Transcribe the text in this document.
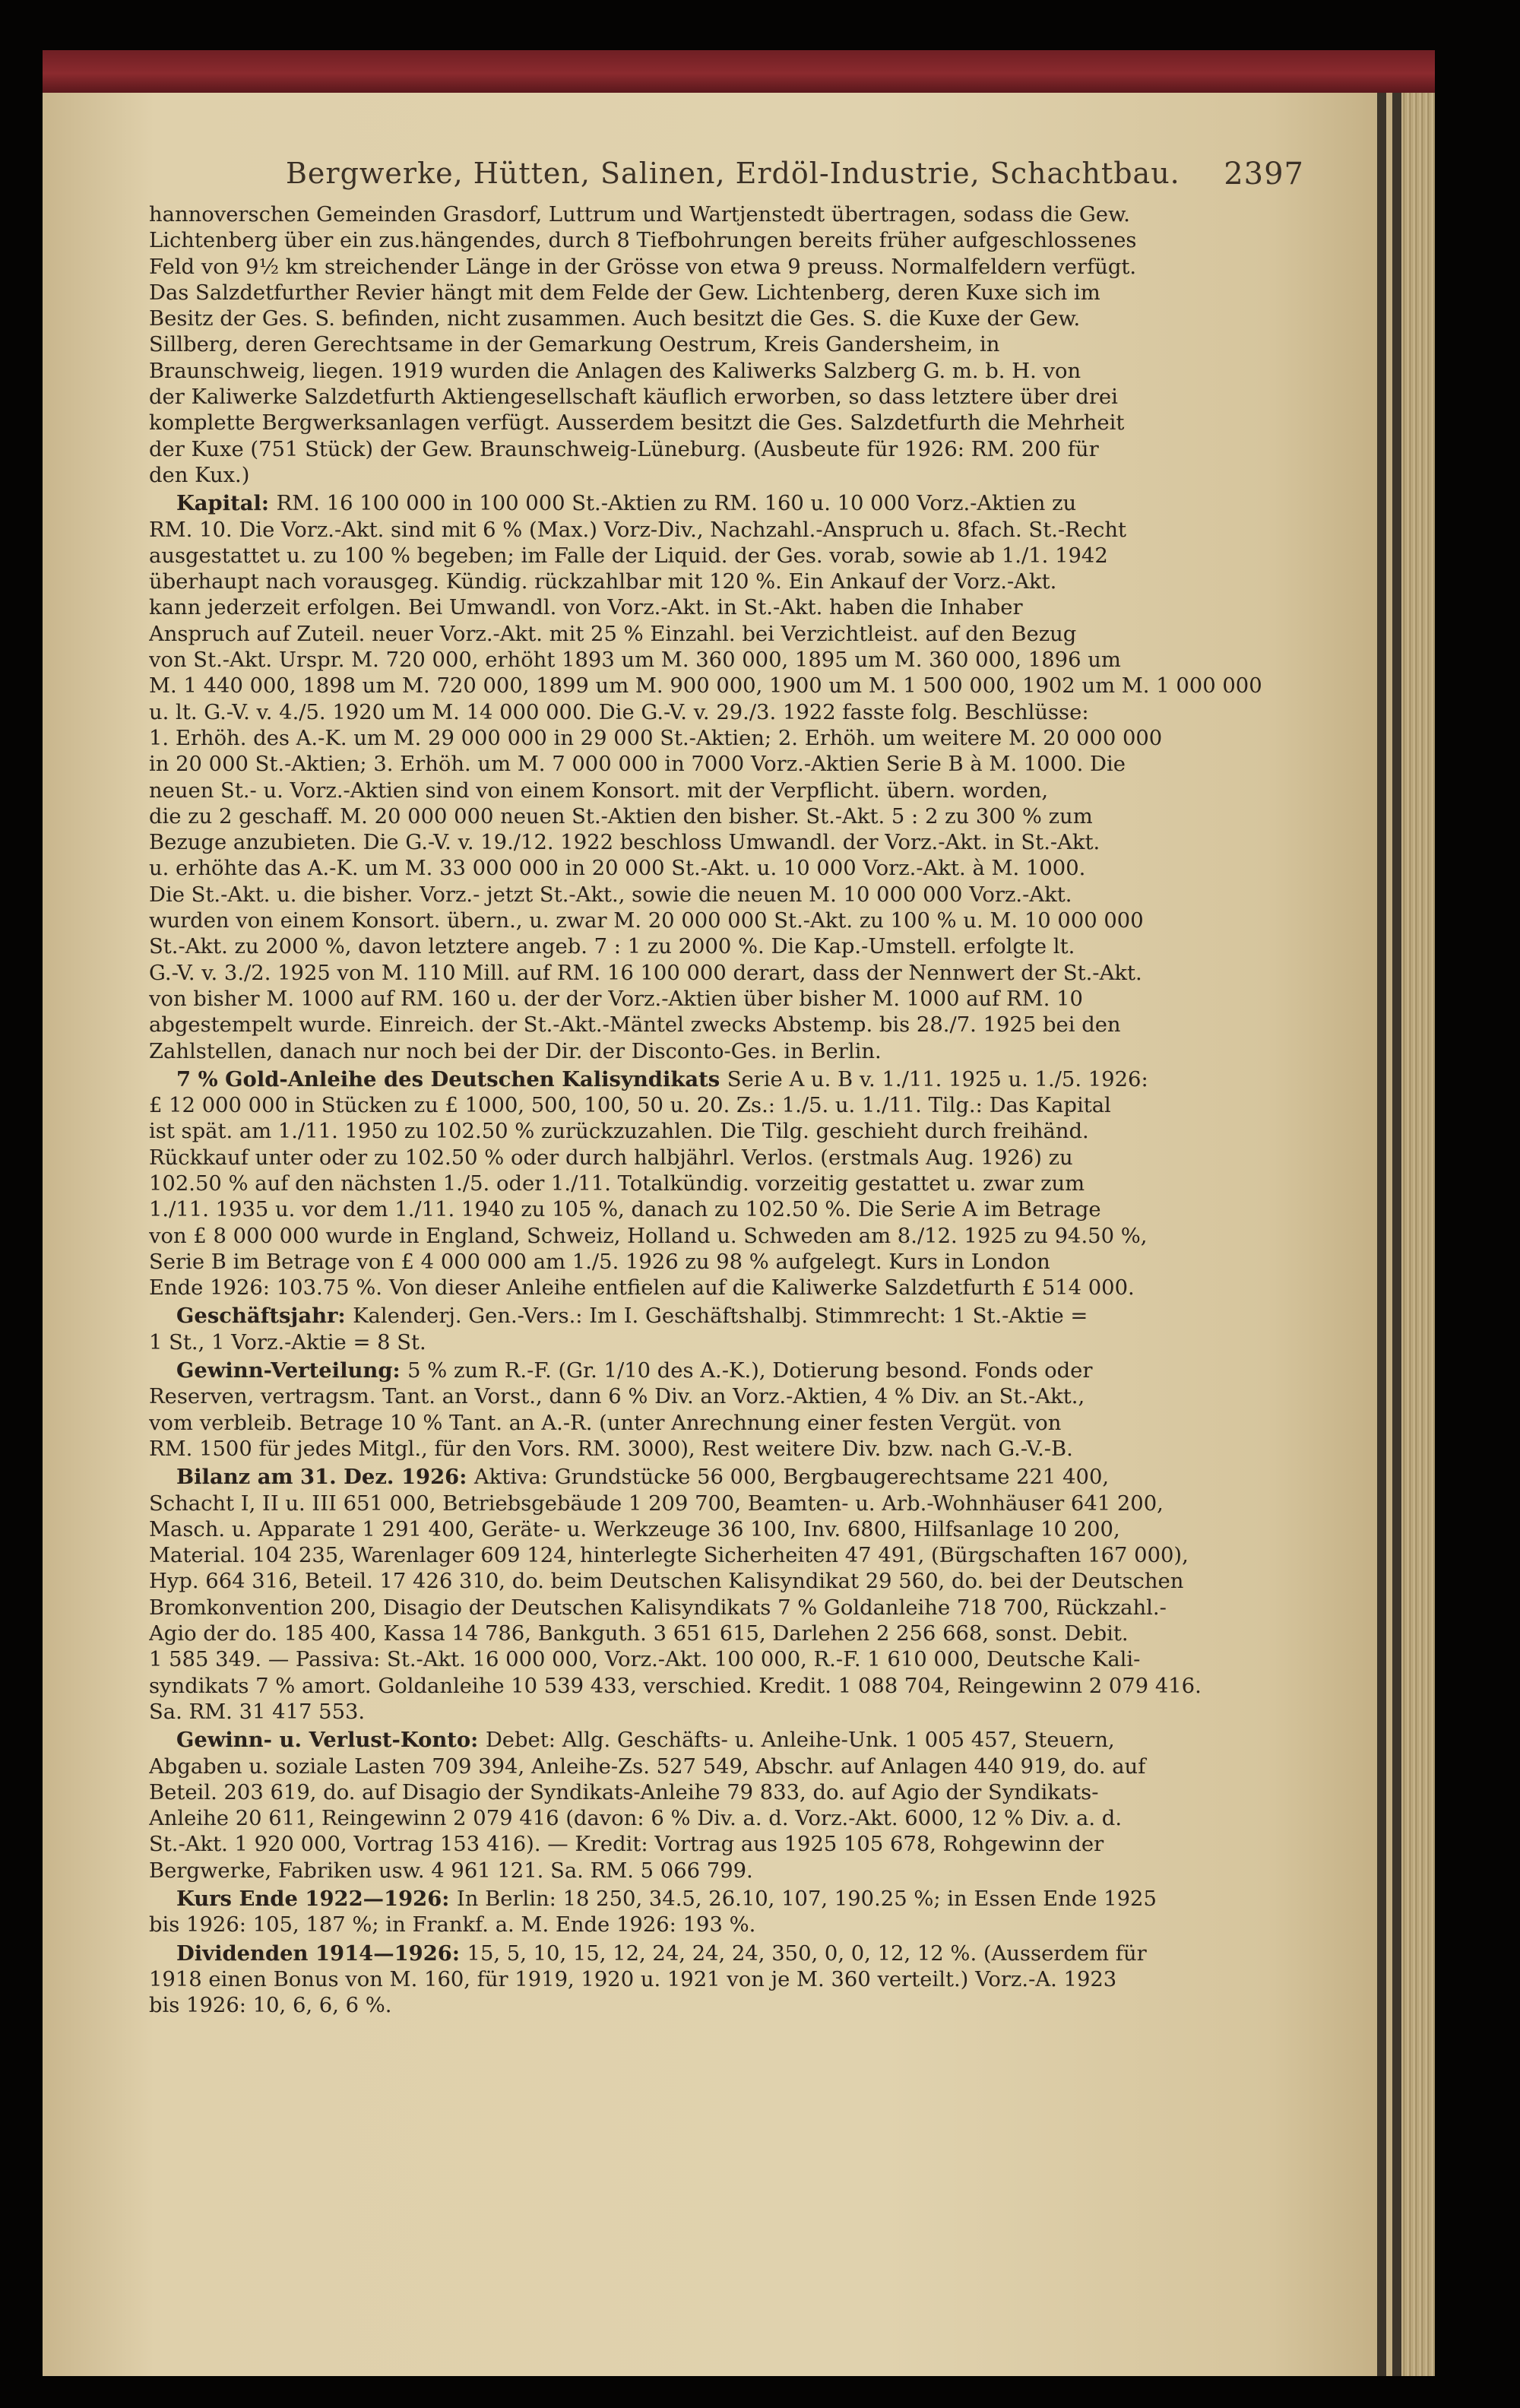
Bergwerke, Hütten, Salinen, Erdöl-Industrie, Schachtbau. 2397
hannoverschen Gemeinden Grasdorf, Luttrum und Wartjenstedt übertragen, sodass die Gew.
Lichtenberg über ein zus.hängendes, durch 8 Tiefbohrungen bereits früher aufgeschlossenes
Feld von 9½ km streichender Länge in der Grösse von etwa 9 preuss. Normalfeldern verfügt.
Das Salzdetfurther Revier hängt mit dem Felde der Gew. Lichtenberg, deren Kuxe sich im
Besitz der Ges. S. befinden, nicht zusammen. Auch besitzt die Ges. S. die Kuxe der Gew.
Sillberg, deren Gerechtsame in der Gemarkung Oestrum, Kreis Gandersheim, in
Braunschweig, liegen. 1919 wurden die Anlagen des Kaliwerks Salzberg G. m. b. H. von
der Kaliwerke Salzdetfurth Aktiengesellschaft käuflich erworben, so dass letztere über drei
komplette Bergwerksanlagen verfügt. Ausserdem besitzt die Ges. Salzdetfurth die Mehrheit
der Kuxe (751 Stück) der Gew. Braunschweig-Lüneburg. (Ausbeute für 1926: RM. 200 für
den Kux.)
Kapital: RM. 16 100 000 in 100 000 St.-Aktien zu RM. 160 u. 10 000 Vorz.-Aktien zu
RM. 10. Die Vorz.-Akt. sind mit 6 % (Max.) Vorz-Div., Nachzahl.-Anspruch u. 8fach. St.-Recht
ausgestattet u. zu 100 % begeben; im Falle der Liquid. der Ges. vorab, sowie ab 1./1. 1942
überhaupt nach vorausgeg. Kündig. rückzahlbar mit 120 %. Ein Ankauf der Vorz.-Akt.
kann jederzeit erfolgen. Bei Umwandl. von Vorz.-Akt. in St.-Akt. haben die Inhaber
Anspruch auf Zuteil. neuer Vorz.-Akt. mit 25 % Einzahl. bei Verzichtleist. auf den Bezug
von St.-Akt. Urspr. M. 720 000, erhöht 1893 um M. 360 000, 1895 um M. 360 000, 1896 um
M. 1 440 000, 1898 um M. 720 000, 1899 um M. 900 000, 1900 um M. 1 500 000, 1902 um M. 1 000 000
u. lt. G.-V. v. 4./5. 1920 um M. 14 000 000. Die G.-V. v. 29./3. 1922 fasste folg. Beschlüsse:
1. Erhöh. des A.-K. um M. 29 000 000 in 29 000 St.-Aktien; 2. Erhöh. um weitere M. 20 000 000
in 20 000 St.-Aktien; 3. Erhöh. um M. 7 000 000 in 7000 Vorz.-Aktien Serie B à M. 1000. Die
neuen St.- u. Vorz.-Aktien sind von einem Konsort. mit der Verpflicht. übern. worden,
die zu 2 geschaff. M. 20 000 000 neuen St.-Aktien den bisher. St.-Akt. 5 : 2 zu 300 % zum
Bezuge anzubieten. Die G.-V. v. 19./12. 1922 beschloss Umwandl. der Vorz.-Akt. in St.-Akt.
u. erhöhte das A.-K. um M. 33 000 000 in 20 000 St.-Akt. u. 10 000 Vorz.-Akt. à M. 1000.
Die St.-Akt. u. die bisher. Vorz.- jetzt St.-Akt., sowie die neuen M. 10 000 000 Vorz.-Akt.
wurden von einem Konsort. übern., u. zwar M. 20 000 000 St.-Akt. zu 100 % u. M. 10 000 000
St.-Akt. zu 2000 %, davon letztere angeb. 7 : 1 zu 2000 %. Die Kap.-Umstell. erfolgte lt.
G.-V. v. 3./2. 1925 von M. 110 Mill. auf RM. 16 100 000 derart, dass der Nennwert der St.-Akt.
von bisher M. 1000 auf RM. 160 u. der der Vorz.-Aktien über bisher M. 1000 auf RM. 10
abgestempelt wurde. Einreich. der St.-Akt.-Mäntel zwecks Abstemp. bis 28./7. 1925 bei den
Zahlstellen, danach nur noch bei der Dir. der Disconto-Ges. in Berlin.
7 % Gold-Anleihe des Deutschen Kalisyndikats Serie A u. B v. 1./11. 1925 u. 1./5. 1926:
£ 12 000 000 in Stücken zu £ 1000, 500, 100, 50 u. 20. Zs.: 1./5. u. 1./11. Tilg.: Das Kapital
ist spät. am 1./11. 1950 zu 102.50 % zurückzuzahlen. Die Tilg. geschieht durch freihänd.
Rückkauf unter oder zu 102.50 % oder durch halbjährl. Verlos. (erstmals Aug. 1926) zu
102.50 % auf den nächsten 1./5. oder 1./11. Totalkündig. vorzeitig gestattet u. zwar zum
1./11. 1935 u. vor dem 1./11. 1940 zu 105 %, danach zu 102.50 %. Die Serie A im Betrage
von £ 8 000 000 wurde in England, Schweiz, Holland u. Schweden am 8./12. 1925 zu 94.50 %,
Serie B im Betrage von £ 4 000 000 am 1./5. 1926 zu 98 % aufgelegt. Kurs in London
Ende 1926: 103.75 %. Von dieser Anleihe entfielen auf die Kaliwerke Salzdetfurth £ 514 000.
Geschäftsjahr: Kalenderj. Gen.-Vers.: Im I. Geschäftshalbj. Stimmrecht: 1 St.-Aktie =
1 St., 1 Vorz.-Aktie = 8 St.
Gewinn-Verteilung: 5 % zum R.-F. (Gr. 1/10 des A.-K.), Dotierung besond. Fonds oder
Reserven, vertragsm. Tant. an Vorst., dann 6 % Div. an Vorz.-Aktien, 4 % Div. an St.-Akt.,
vom verbleib. Betrage 10 % Tant. an A.-R. (unter Anrechnung einer festen Vergüt. von
RM. 1500 für jedes Mitgl., für den Vors. RM. 3000), Rest weitere Div. bzw. nach G.-V.-B.
Bilanz am 31. Dez. 1926: Aktiva: Grundstücke 56 000, Bergbaugerechtsame 221 400,
Schacht I, II u. III 651 000, Betriebsgebäude 1 209 700, Beamten- u. Arb.-Wohnhäuser 641 200,
Masch. u. Apparate 1 291 400, Geräte- u. Werkzeuge 36 100, Inv. 6800, Hilfsanlage 10 200,
Material. 104 235, Warenlager 609 124, hinterlegte Sicherheiten 47 491, (Bürgschaften 167 000),
Hyp. 664 316, Beteil. 17 426 310, do. beim Deutschen Kalisyndikat 29 560, do. bei der Deutschen
Bromkonvention 200, Disagio der Deutschen Kalisyndikats 7 % Goldanleihe 718 700, Rückzahl.-
Agio der do. 185 400, Kassa 14 786, Bankguth. 3 651 615, Darlehen 2 256 668, sonst. Debit.
1 585 349. — Passiva: St.-Akt. 16 000 000, Vorz.-Akt. 100 000, R.-F. 1 610 000, Deutsche Kali-
syndikats 7 % amort. Goldanleihe 10 539 433, verschied. Kredit. 1 088 704, Reingewinn 2 079 416.
Sa. RM. 31 417 553.
Gewinn- u. Verlust-Konto: Debet: Allg. Geschäfts- u. Anleihe-Unk. 1 005 457, Steuern,
Abgaben u. soziale Lasten 709 394, Anleihe-Zs. 527 549, Abschr. auf Anlagen 440 919, do. auf
Beteil. 203 619, do. auf Disagio der Syndikats-Anleihe 79 833, do. auf Agio der Syndikats-
Anleihe 20 611, Reingewinn 2 079 416 (davon: 6 % Div. a. d. Vorz.-Akt. 6000, 12 % Div. a. d.
St.-Akt. 1 920 000, Vortrag 153 416). — Kredit: Vortrag aus 1925 105 678, Rohgewinn der
Bergwerke, Fabriken usw. 4 961 121. Sa. RM. 5 066 799.
Kurs Ende 1922—1926: In Berlin: 18 250, 34.5, 26.10, 107, 190.25 %; in Essen Ende 1925
bis 1926: 105, 187 %; in Frankf. a. M. Ende 1926: 193 %.
Dividenden 1914—1926: 15, 5, 10, 15, 12, 24, 24, 24, 350, 0, 0, 12, 12 %. (Ausserdem für
1918 einen Bonus von M. 160, für 1919, 1920 u. 1921 von je M. 360 verteilt.) Vorz.-A. 1923
bis 1926: 10, 6, 6, 6 %.
